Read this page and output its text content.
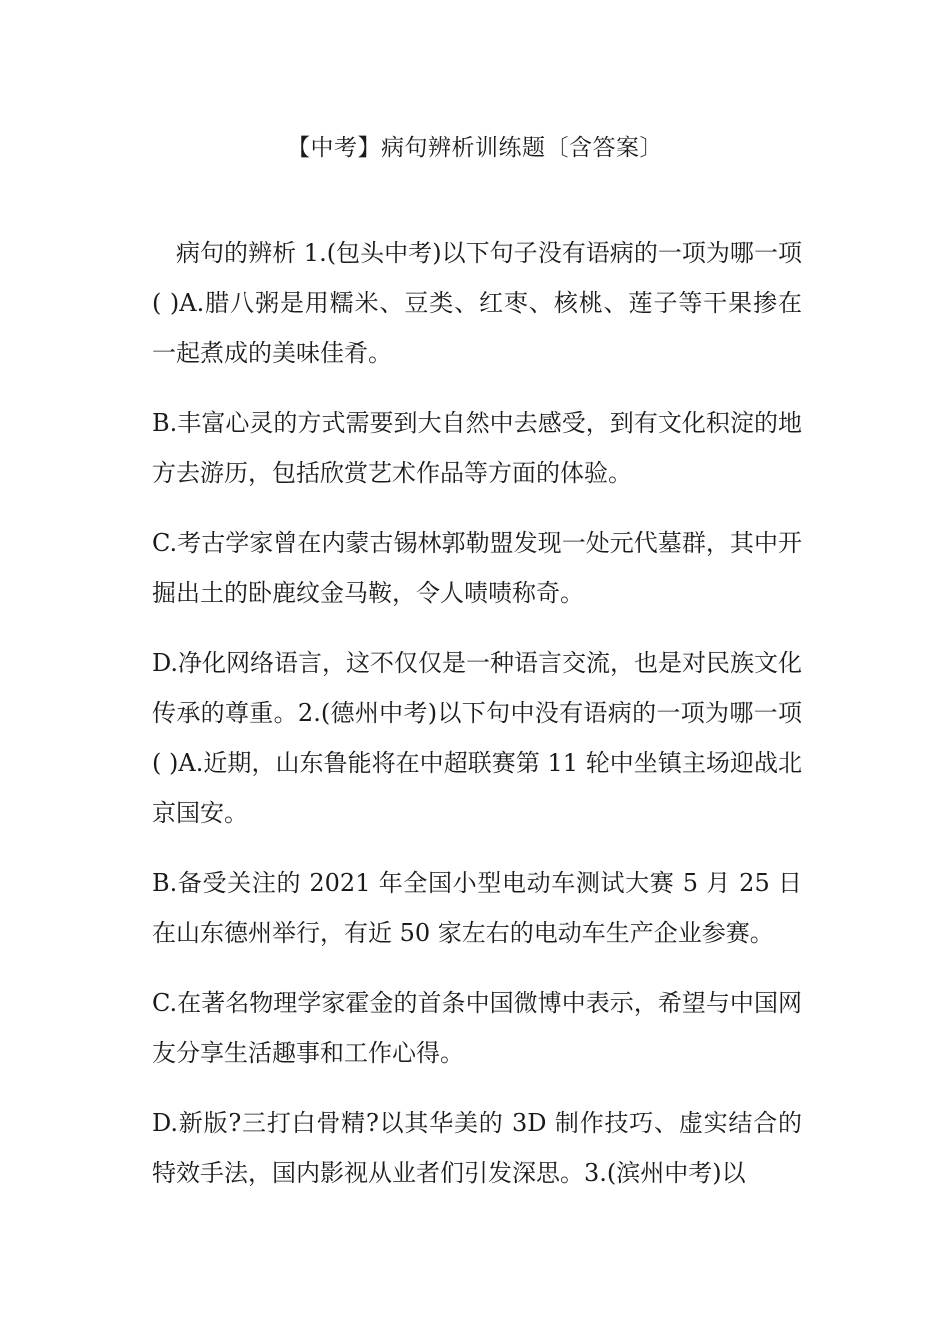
【中考】病句辨析训练题〔含答案〕

病句的辨析 1.(包头中考)以下句子没有语病的一项为哪一项( )A.腊八粥是用糯米、豆类、红枣、核桃、莲子等干果掺在一起煮成的美味佳肴。

B.丰富心灵的方式需要到大自然中去感受，到有文化积淀的地方去游历，包括欣赏艺术作品等方面的体验。

C.考古学家曾在内蒙古锡林郭勒盟发现一处元代墓群，其中开掘出土的卧鹿纹金马鞍，令人啧啧称奇。

D.净化网络语言，这不仅仅是一种语言交流，也是对民族文化传承的尊重。2.(德州中考)以下句中没有语病的一项为哪一项( )A.近期，山东鲁能将在中超联赛第 11 轮中坐镇主场迎战北京国安。

B.备受关注的 2021 年全国小型电动车测试大赛 5 月 25 日在山东德州举行，有近 50 家左右的电动车生产企业参赛。

C.在著名物理学家霍金的首条中国微博中表示，希望与中国网友分享生活趣事和工作心得。

D.新版?三打白骨精?以其华美的 3D 制作技巧、虚实结合的特效手法，国内影视从业者们引发深思。3.(滨州中考)以
